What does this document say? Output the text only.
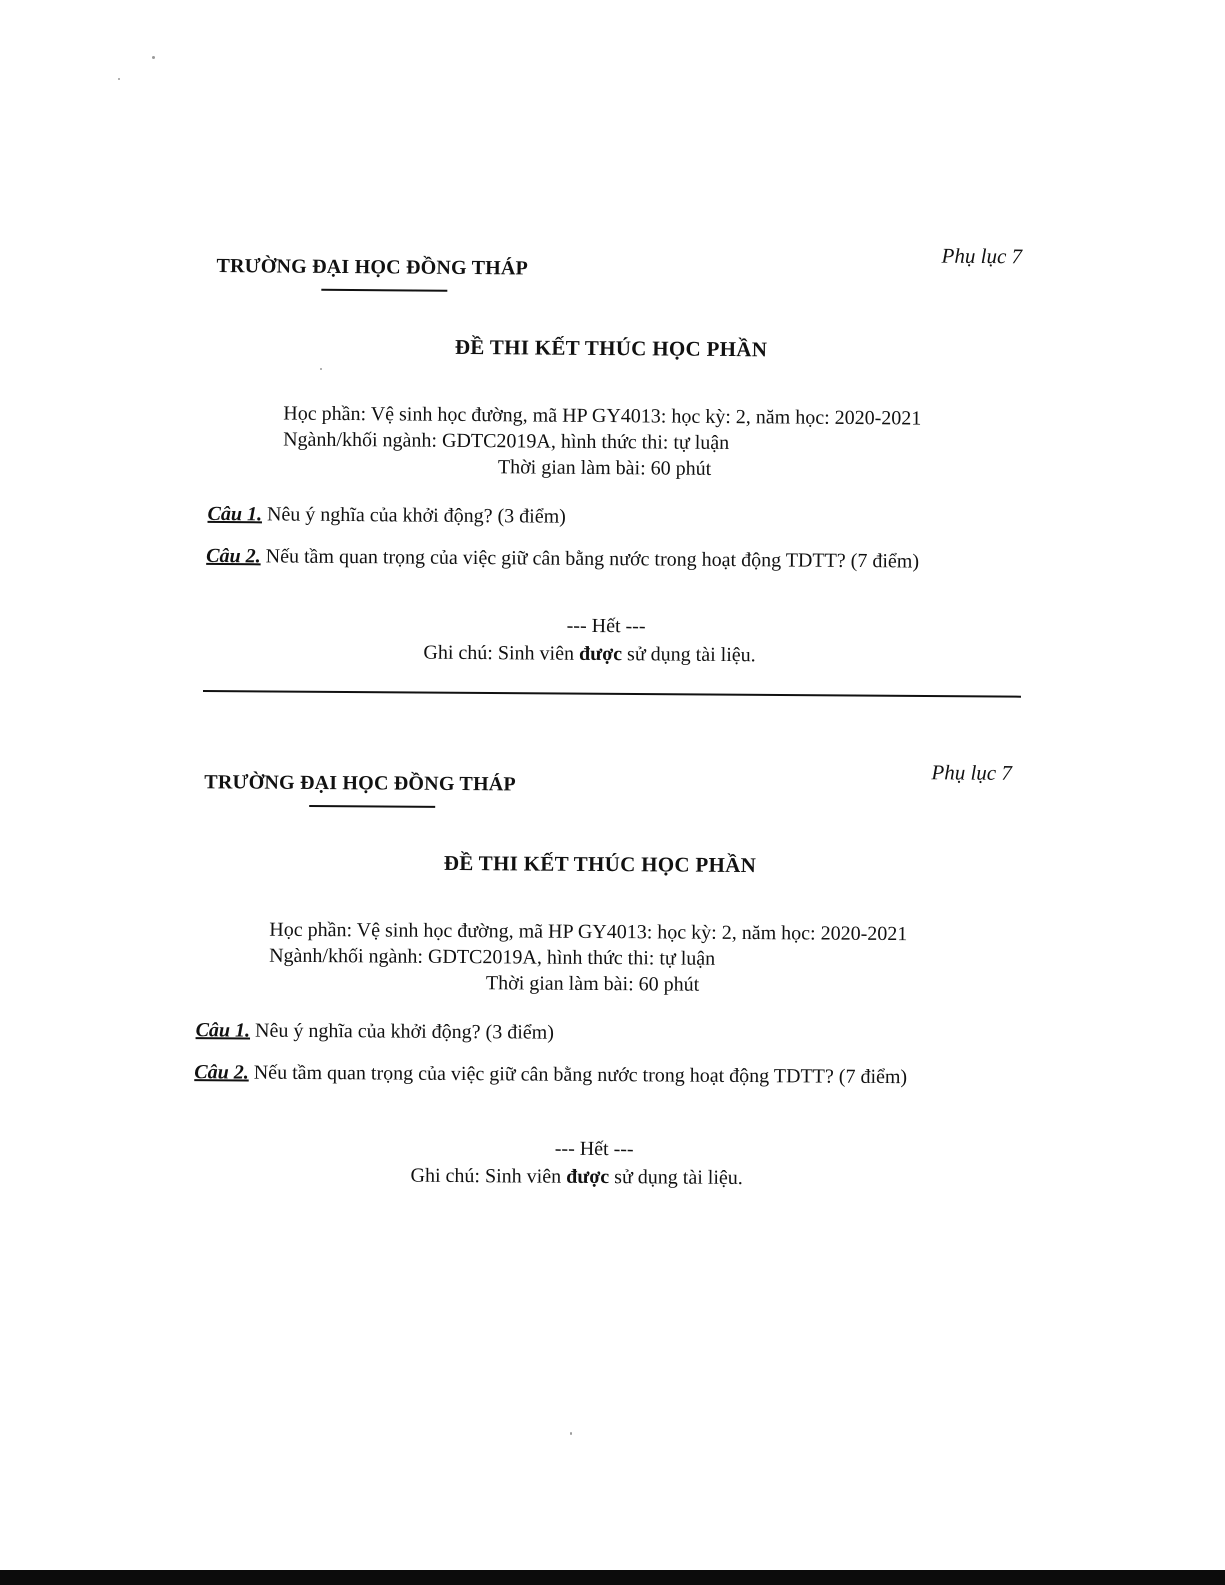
Phụ lục 7
TRƯỜNG ĐẠI HỌC ĐỒNG THÁP
ĐỀ THI KẾT THÚC HỌC PHẦN
Học phần: Vệ sinh học đường, mã HP GY4013: học kỳ: 2, năm học: 2020-2021
Ngành/khối ngành: GDTC2019A, hình thức thi: tự luận
Thời gian làm bài: 60 phút
Câu 1. Nêu ý nghĩa của khởi động? (3 điểm)
Câu 2. Nếu tầm quan trọng của việc giữ cân bằng nước trong hoạt động TDTT? (7 điểm)
--- Hết ---
Ghi chú: Sinh viên được sử dụng tài liệu.
Phụ lục 7
TRƯỜNG ĐẠI HỌC ĐỒNG THÁP
ĐỀ THI KẾT THÚC HỌC PHẦN
Học phần: Vệ sinh học đường, mã HP GY4013: học kỳ: 2, năm học: 2020-2021
Ngành/khối ngành: GDTC2019A, hình thức thi: tự luận
Thời gian làm bài: 60 phút
Câu 1. Nêu ý nghĩa của khởi động? (3 điểm)
Câu 2. Nếu tầm quan trọng của việc giữ cân bằng nước trong hoạt động TDTT? (7 điểm)
--- Hết ---
Ghi chú: Sinh viên được sử dụng tài liệu.
